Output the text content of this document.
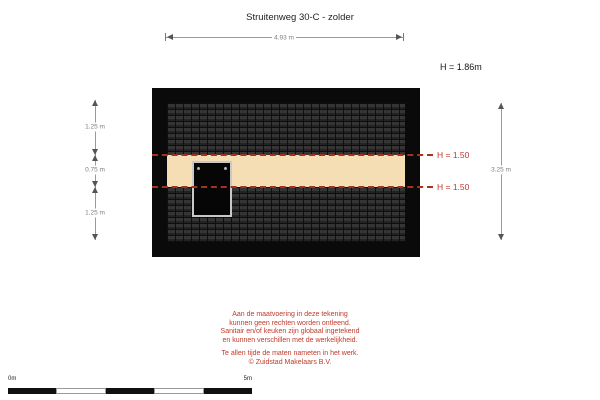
Struitenweg 30-C - zolder
4.93 m
H = 1.86m
H = 1.50
H = 1.50
1.25 m
0.75 m
1.25 m
3.25 m
Aan de maatvoering in deze tekening
kunnen geen rechten worden ontleend.
Sanitair en/of keuken zijn globaal ingetekend
en kunnen verschillen met de werkelijkheid.
Te allen tijde de maten nameten in het werk.
© Zuidstad Makelaars B.V.
0m	5m
